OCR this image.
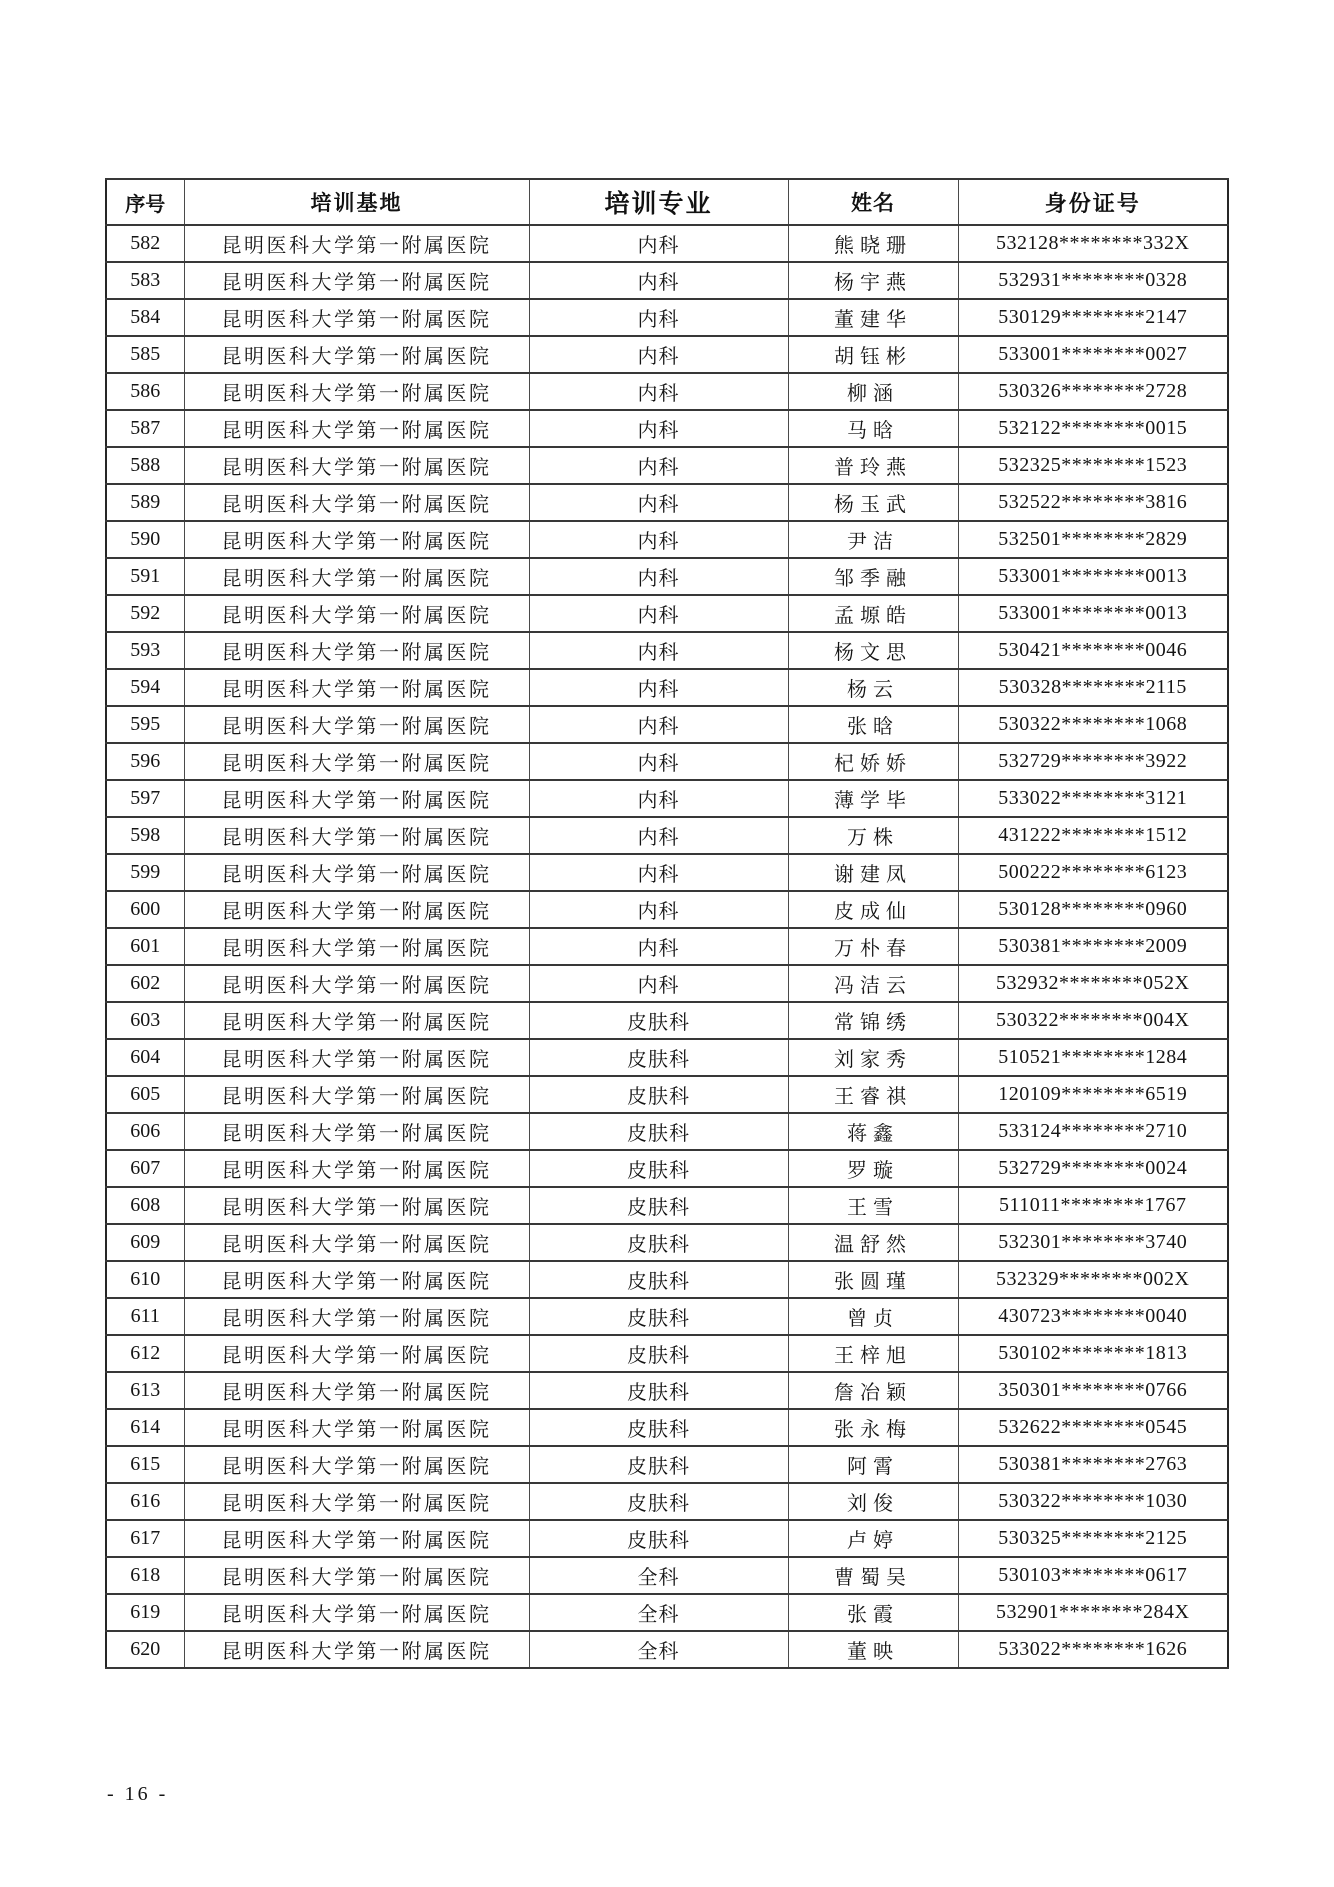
序号	培训基地	培训专业	姓名	身份证号
582	昆明医科大学第一附属医院	内科	熊晓珊	532128********332X
583	昆明医科大学第一附属医院	内科	杨宇燕	532931********0328
584	昆明医科大学第一附属医院	内科	董建华	530129********2147
585	昆明医科大学第一附属医院	内科	胡钰彬	533001********0027
586	昆明医科大学第一附属医院	内科	柳涵	530326********2728
587	昆明医科大学第一附属医院	内科	马晗	532122********0015
588	昆明医科大学第一附属医院	内科	普玲燕	532325********1523
589	昆明医科大学第一附属医院	内科	杨玉武	532522********3816
590	昆明医科大学第一附属医院	内科	尹洁	532501********2829
591	昆明医科大学第一附属医院	内科	邹季融	533001********0013
592	昆明医科大学第一附属医院	内科	孟塬皓	533001********0013
593	昆明医科大学第一附属医院	内科	杨文思	530421********0046
594	昆明医科大学第一附属医院	内科	杨云	530328********2115
595	昆明医科大学第一附属医院	内科	张晗	530322********1068
596	昆明医科大学第一附属医院	内科	杞娇娇	532729********3922
597	昆明医科大学第一附属医院	内科	薄学毕	533022********3121
598	昆明医科大学第一附属医院	内科	万株	431222********1512
599	昆明医科大学第一附属医院	内科	谢建凤	500222********6123
600	昆明医科大学第一附属医院	内科	皮成仙	530128********0960
601	昆明医科大学第一附属医院	内科	万朴春	530381********2009
602	昆明医科大学第一附属医院	内科	冯洁云	532932********052X
603	昆明医科大学第一附属医院	皮肤科	常锦绣	530322********004X
604	昆明医科大学第一附属医院	皮肤科	刘家秀	510521********1284
605	昆明医科大学第一附属医院	皮肤科	王睿祺	120109********6519
606	昆明医科大学第一附属医院	皮肤科	蒋鑫	533124********2710
607	昆明医科大学第一附属医院	皮肤科	罗璇	532729********0024
608	昆明医科大学第一附属医院	皮肤科	王雪	511011********1767
609	昆明医科大学第一附属医院	皮肤科	温舒然	532301********3740
610	昆明医科大学第一附属医院	皮肤科	张圆瑾	532329********002X
611	昆明医科大学第一附属医院	皮肤科	曾贞	430723********0040
612	昆明医科大学第一附属医院	皮肤科	王梓旭	530102********1813
613	昆明医科大学第一附属医院	皮肤科	詹冶颖	350301********0766
614	昆明医科大学第一附属医院	皮肤科	张永梅	532622********0545
615	昆明医科大学第一附属医院	皮肤科	阿霄	530381********2763
616	昆明医科大学第一附属医院	皮肤科	刘俊	530322********1030
617	昆明医科大学第一附属医院	皮肤科	卢婷	530325********2125
618	昆明医科大学第一附属医院	全科	曹蜀吴	530103********0617
619	昆明医科大学第一附属医院	全科	张霞	532901********284X
620	昆明医科大学第一附属医院	全科	董映	533022********1626
- 16 -
